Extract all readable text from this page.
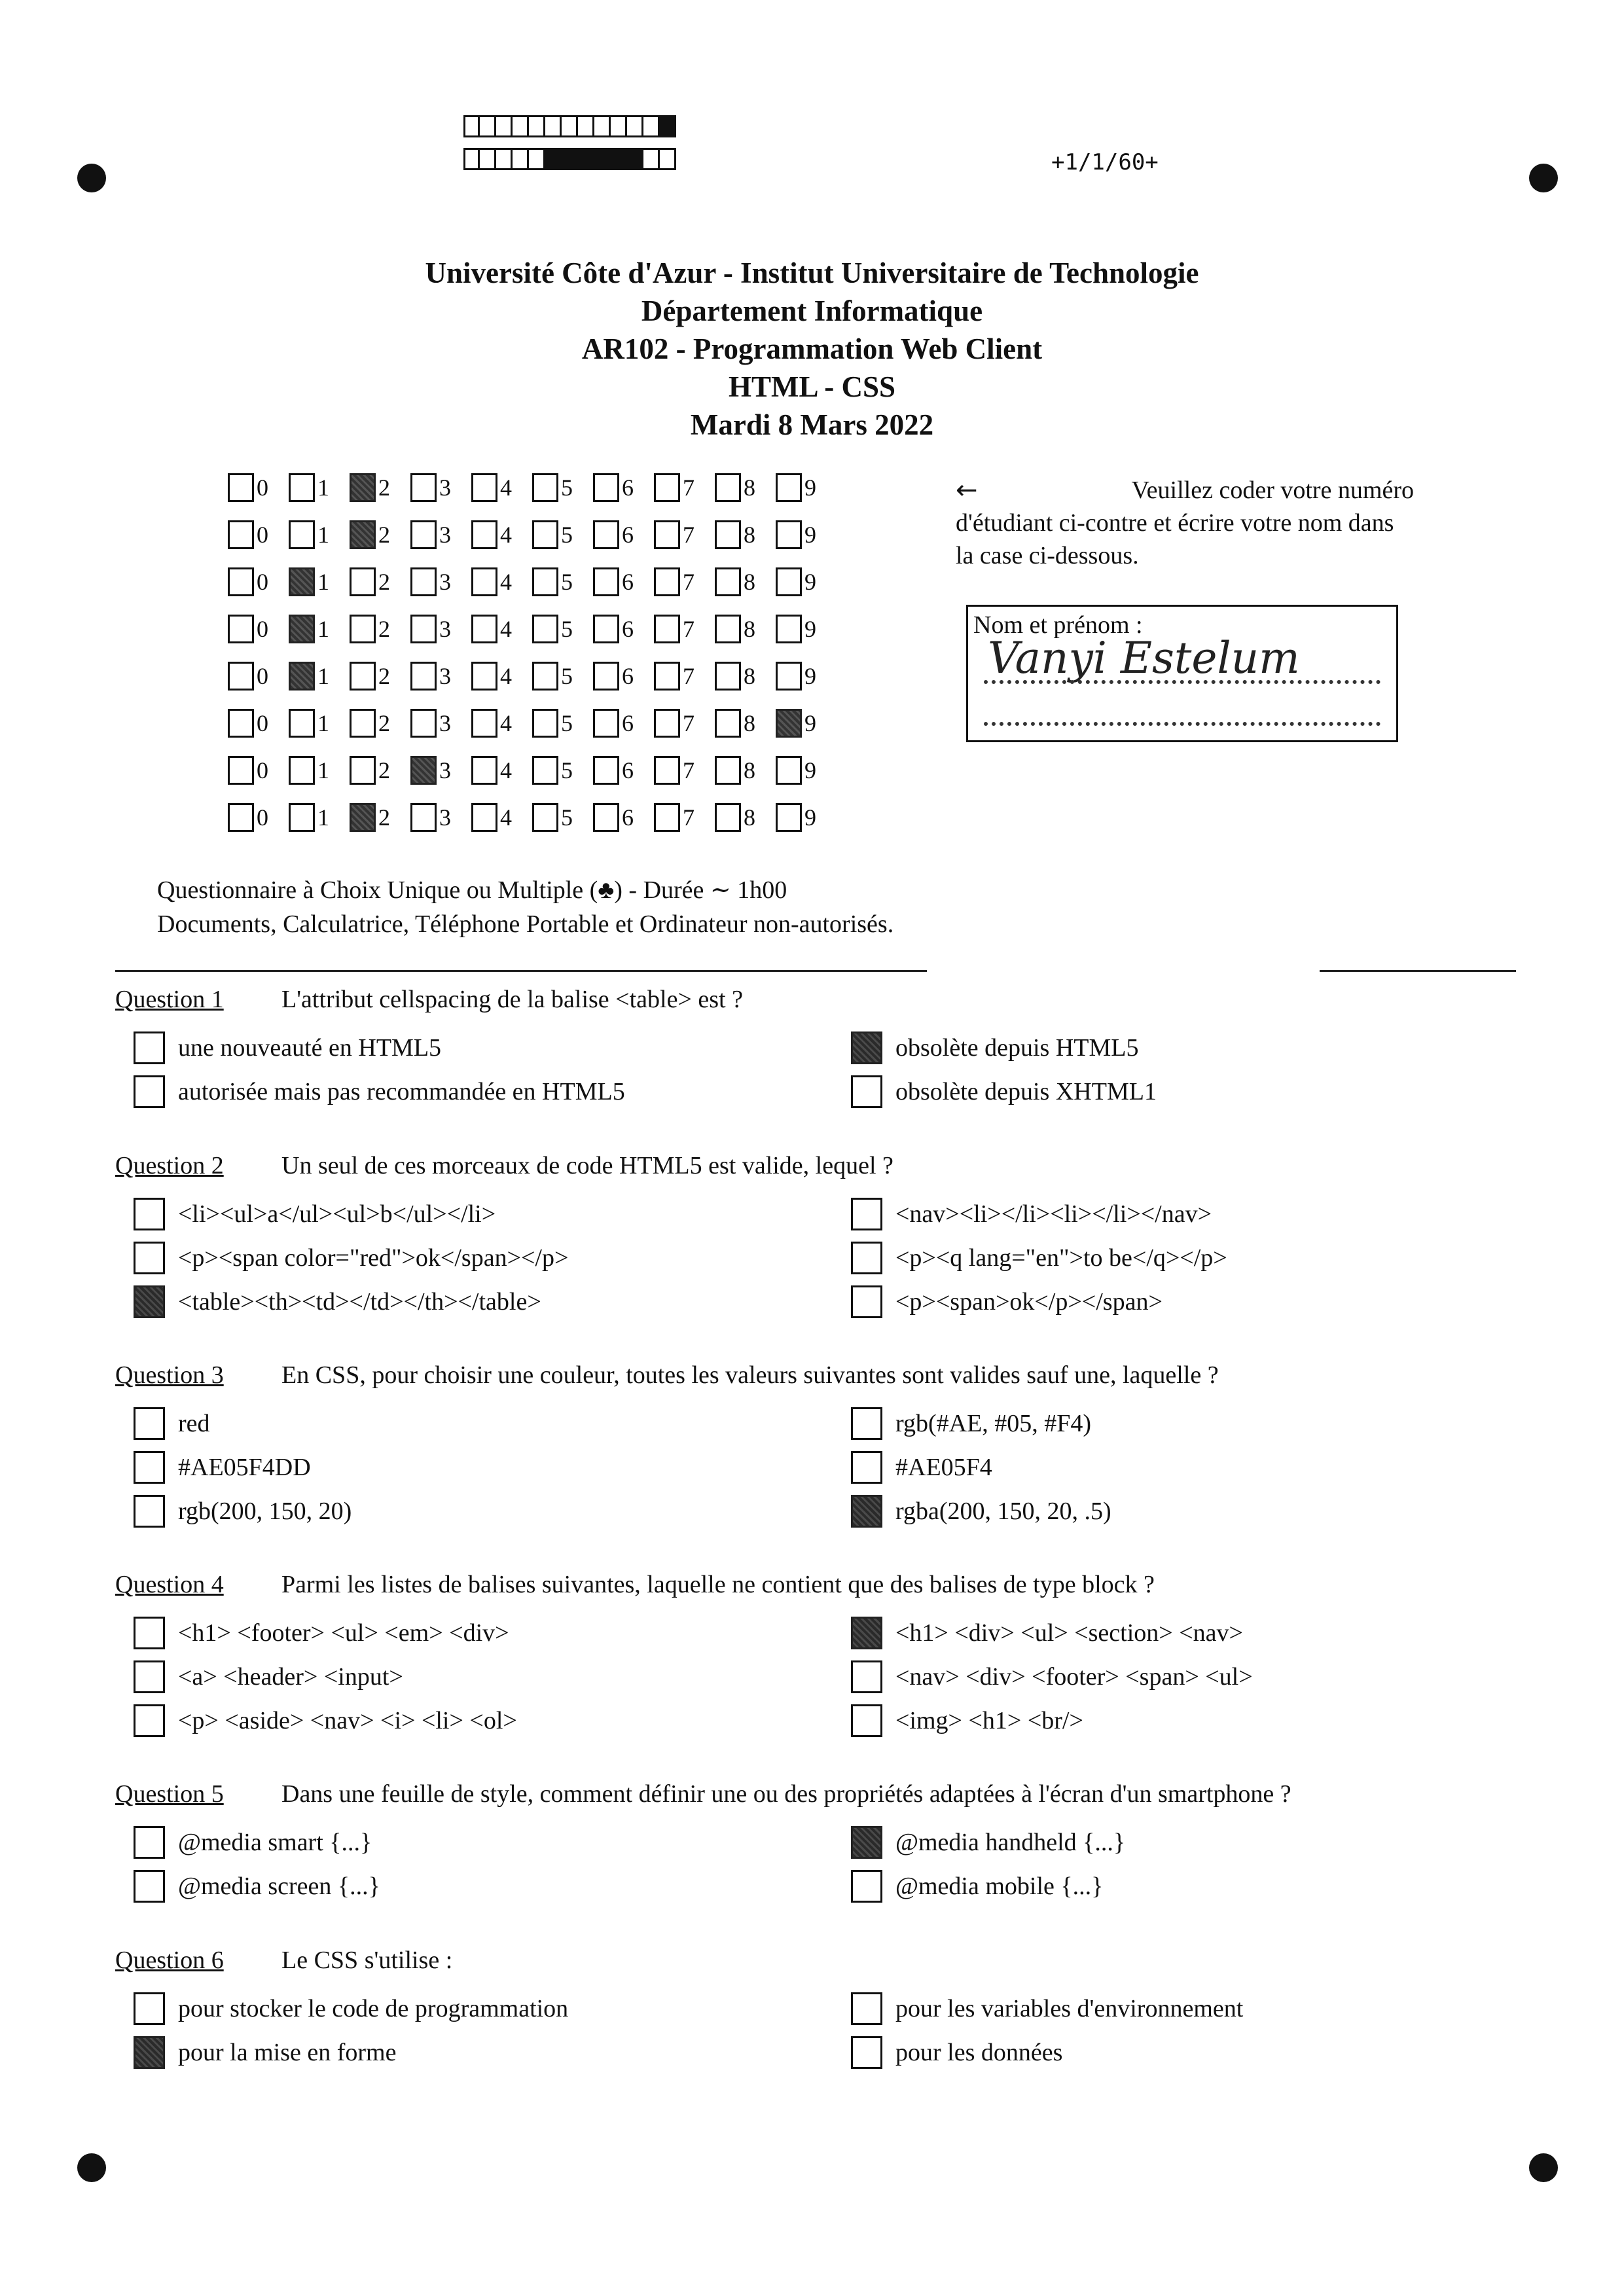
+1/1/60+
Université Côte d'Azur - Institut Universitaire de Technologie
Département Informatique
AR102 - Programmation Web Client
HTML - CSS
Mardi 8 Mars 2022
0 1 2 3 4 5 6 7 8 9
0 1 2 3 4 5 6 7 8 9
0 1 2 3 4 5 6 7 8 9
0 1 2 3 4 5 6 7 8 9
0 1 2 3 4 5 6 7 8 9
0 1 2 3 4 5 6 7 8 9
0 1 2 3 4 5 6 7 8 9
0 1 2 3 4 5 6 7 8 9
←	Veuillez coder votre numéro
d'étudiant ci-contre et écrire votre nom dans la case ci-dessous.
Nom et prénom :
Vanyi Estelum
Questionnaire à Choix Unique ou Multiple (♣) - Durée ∼ 1h00
Documents, Calculatrice, Téléphone Portable et Ordinateur non-autorisés.
Question 1	L'attribut cellspacing de la balise <table> est ?
une nouveauté en HTML5
autorisée mais pas recommandée en HTML5
obsolète depuis HTML5
obsolète depuis XHTML1
Question 2	Un seul de ces morceaux de code HTML5 est valide, lequel ?
<li><ul>a</ul><ul>b</ul></li>
<p><span color="red">ok</span></p>
<table><th><td></td></th></table>
<nav><li></li><li></li></nav>
<p><q lang="en">to be</q></p>
<p><span>ok</p></span>
Question 3	En CSS, pour choisir une couleur, toutes les valeurs suivantes sont valides sauf une, laquelle ?
red
#AE05F4DD
rgb(200, 150, 20)
rgb(#AE, #05, #F4)
#AE05F4
rgba(200, 150, 20, .5)
Question 4	Parmi les listes de balises suivantes, laquelle ne contient que des balises de type block ?
<h1> <footer> <ul> <em> <div>
<a> <header> <input>
<p> <aside> <nav> <i> <li> <ol>
<h1> <div> <ul> <section> <nav>
<nav> <div> <footer> <span> <ul>
<img> <h1> <br/>
Question 5	Dans une feuille de style, comment définir une ou des propriétés adaptées à l'écran d'un smartphone ?
@media smart {...}
@media screen {...}
@media handheld {...}
@media mobile {...}
Question 6	Le CSS s'utilise :
pour stocker le code de programmation
pour la mise en forme
pour les variables d'environnement
pour les données
